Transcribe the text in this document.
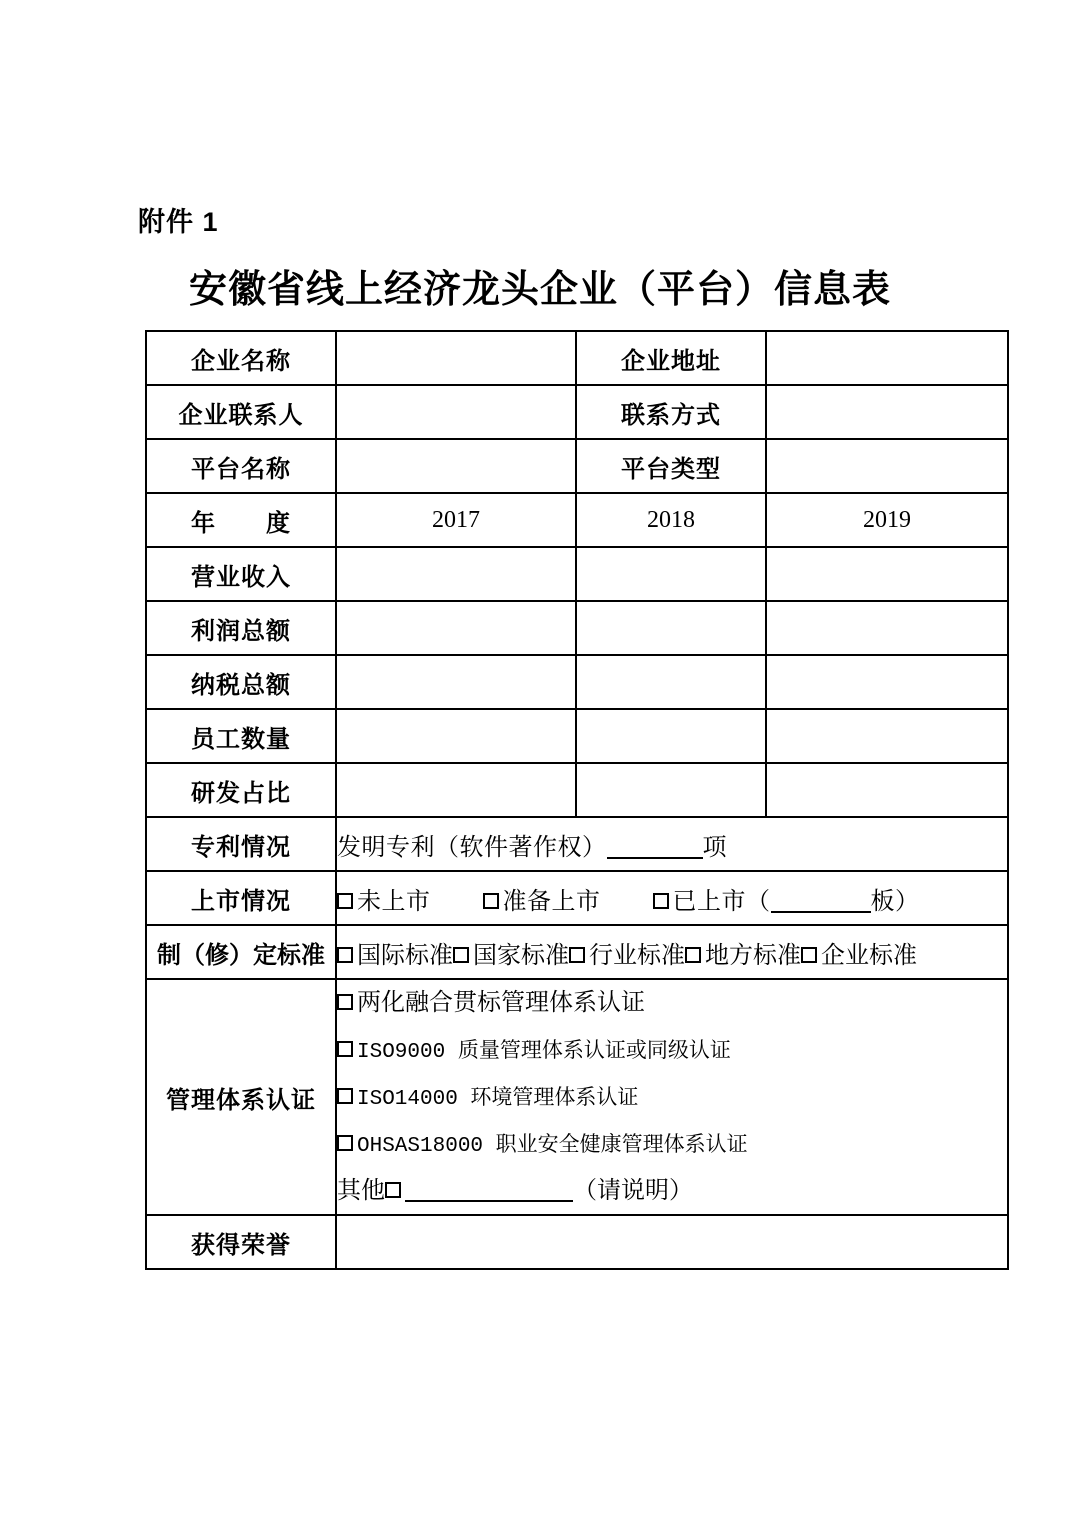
附件 1
安徽省线上经济龙头企业（平台）信息表
企业名称		企业地址	
企业联系人		联系方式	
平台名称		平台类型	
年　　度	2017	2018	2019
营业收入			
利润总额			
纳税总额			
员工数量			
研发占比			
专利情况	发明专利（软件著作权） 项		
上市情况	未上市 准备上市 已上市（ 板）		
制（修）定标准	国际标准 国家标准 行业标准 地方标准 企业标准		
管理体系认证	两化融合贯标管理体系认证
ISO9000 质量管理体系认证或同级认证
ISO14000 环境管理体系认证
OHSAS18000 职业安全健康管理体系认证
其他 （请说明）		

获得荣誉			
